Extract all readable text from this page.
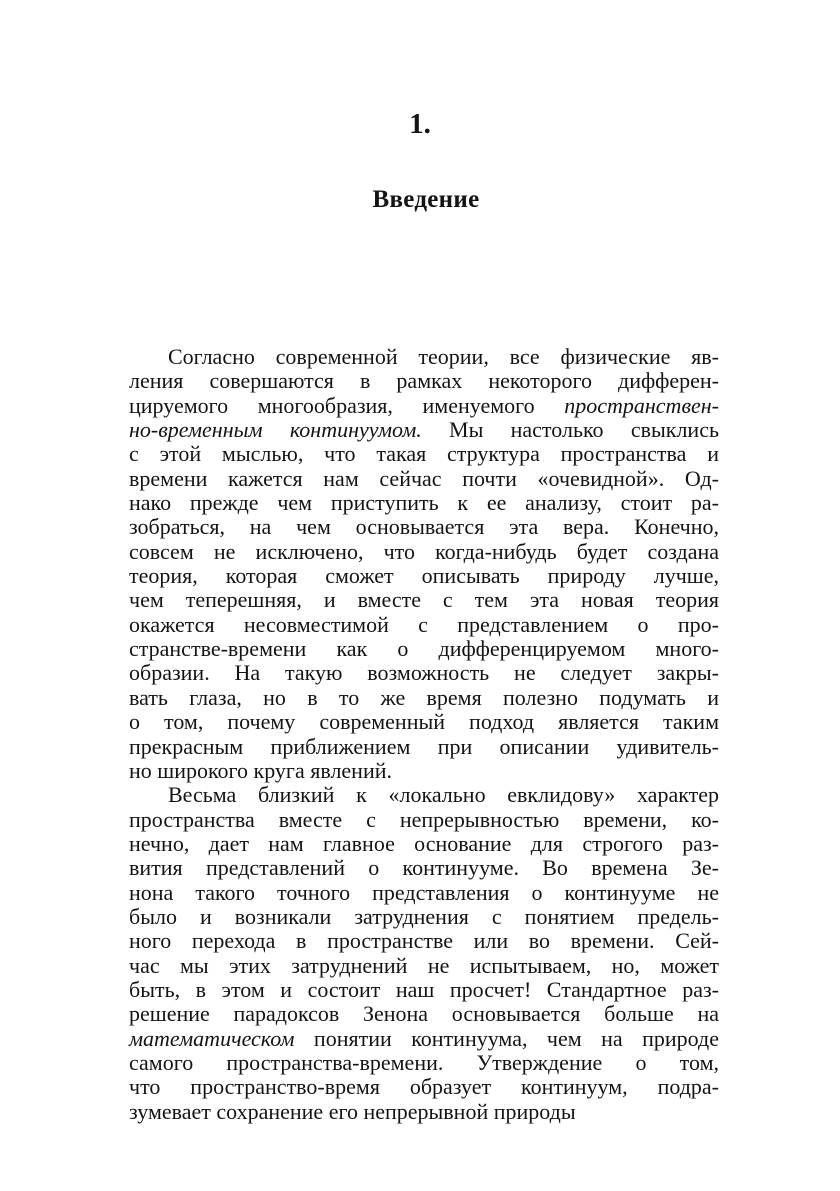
1.
Введение
Согласно современной теории, все физические яв-
ления совершаются в рамках некоторого дифферен-
цируемого многообразия, именуемого пространствен-
но-временным континуумом. Мы настолько свыклись
с этой мыслью, что такая структура пространства и
времени кажется нам сейчас почти «очевидной». Од-
нако прежде чем приступить к ее анализу, стоит ра-
зобраться, на чем основывается эта вера. Конечно,
совсем не исключено, что когда-нибудь будет создана
теория, которая сможет описывать природу лучше,
чем теперешняя, и вместе с тем эта новая теория
окажется несовместимой с представлением о про-
странстве-времени как о дифференцируемом много-
образии. На такую возможность не следует закры-
вать глаза, но в то же время полезно подумать и
о том, почему современный подход является таким
прекрасным приближением при описании удивитель-
но широкого круга явлений.
Весьма близкий к «локально евклидову» характер
пространства вместе с непрерывностью времени, ко-
нечно, дает нам главное основание для строгого раз-
вития представлений о континууме. Во времена Зе-
нона такого точного представления о континууме не
было и возникали затруднения с понятием предель-
ного перехода в пространстве или во времени. Сей-
час мы этих затруднений не испытываем, но, может
быть, в этом и состоит наш просчет! Стандартное раз-
решение парадоксов Зенона основывается больше на
математическом понятии континуума, чем на природе
самого пространства-времени. Утверждение о том,
что пространство-время образует континуум, подра-
зумевает сохранение его непрерывной природы
